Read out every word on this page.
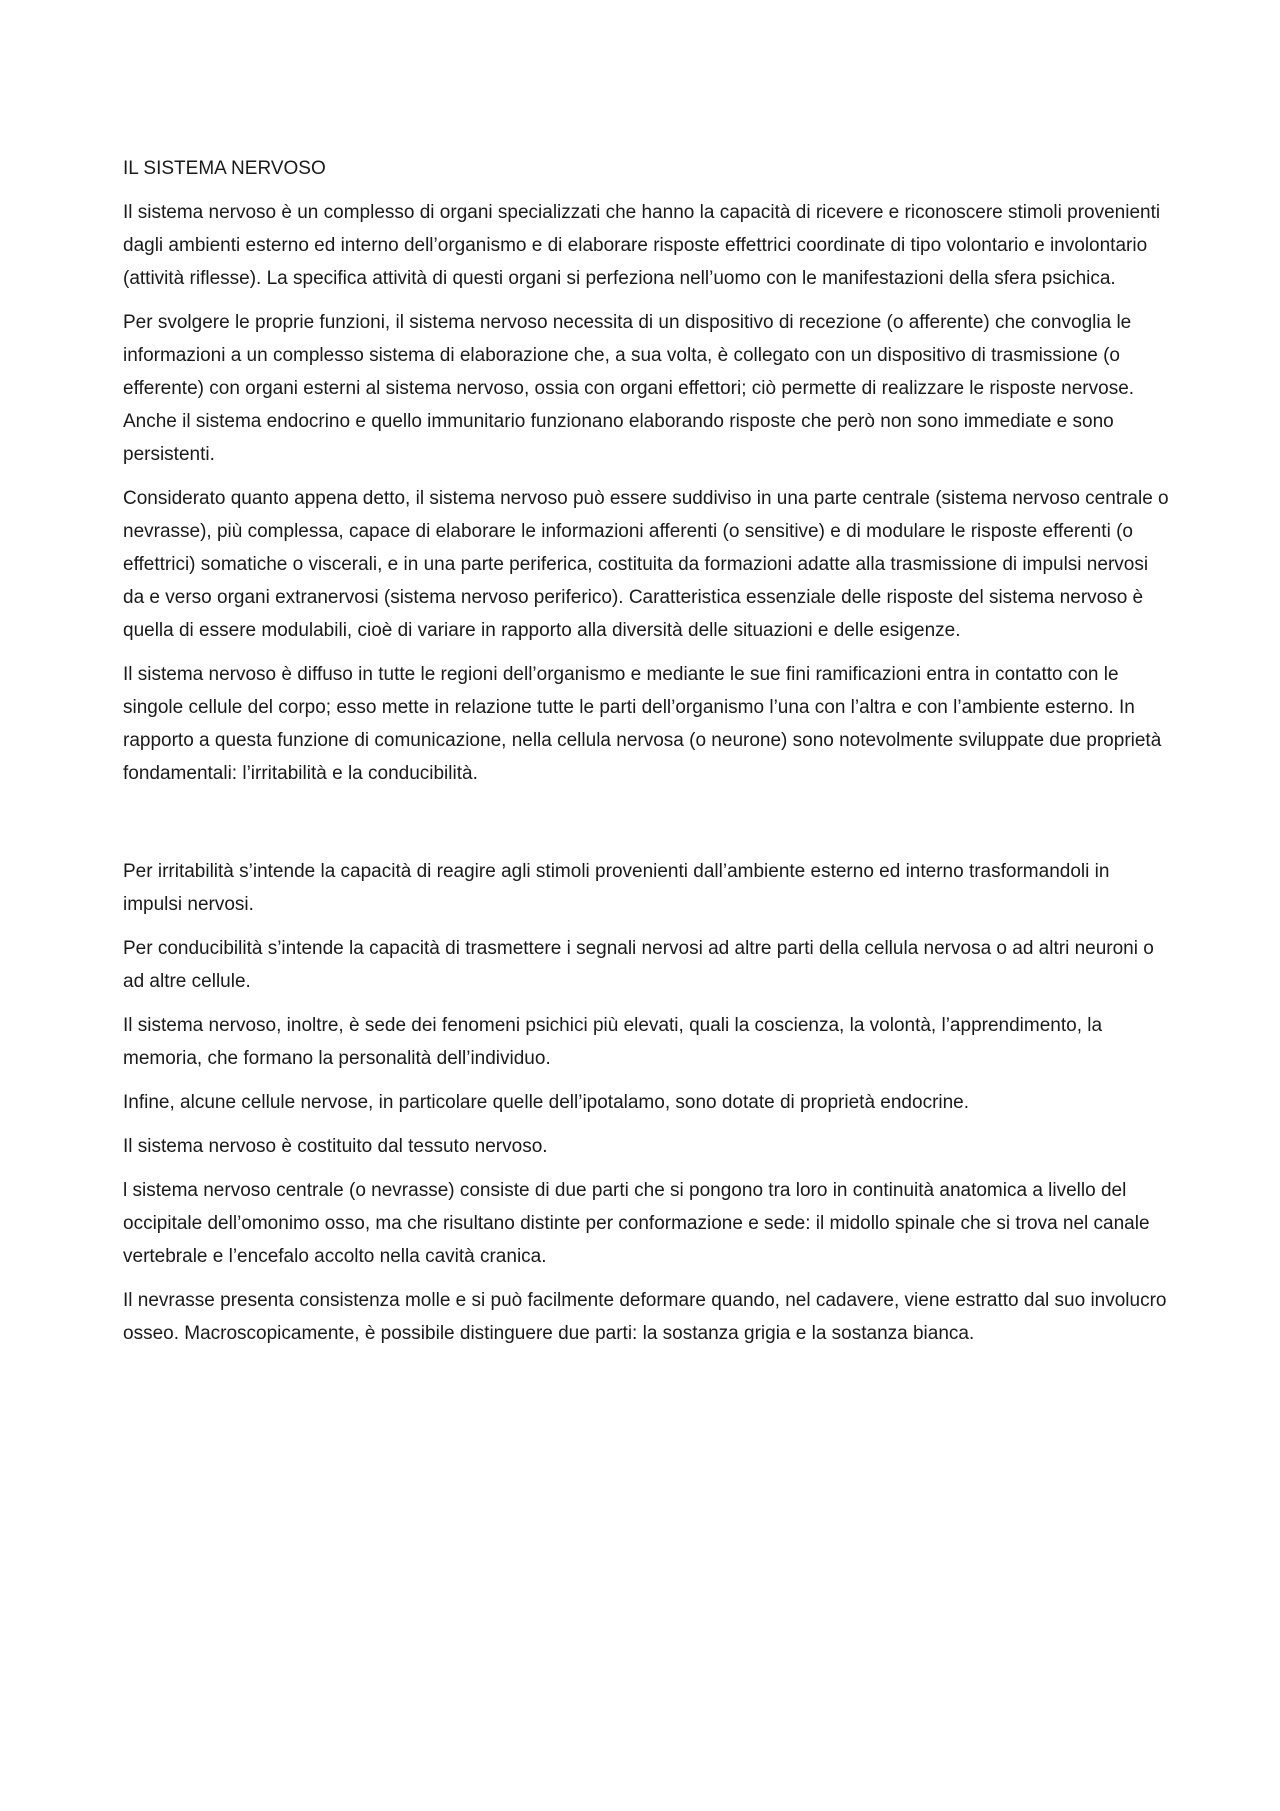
IL SISTEMA NERVOSO

Il sistema nervoso è un complesso di organi specializzati che hanno la capacità di ricevere e riconoscere stimoli provenienti dagli ambienti esterno ed interno dell’organismo e di elaborare risposte effettrici coordinate di tipo volontario e involontario (attività riflesse). La specifica attività di questi organi si perfeziona nell’uomo con le manifestazioni della sfera psichica.

Per svolgere le proprie funzioni, il sistema nervoso necessita di un dispositivo di recezione (o afferente) che convoglia le informazioni a un complesso sistema di elaborazione che, a sua volta, è collegato con un dispositivo di trasmissione (o efferente) con organi esterni al sistema nervoso, ossia con organi effettori; ciò permette di realizzare le risposte nervose. Anche il sistema endocrino e quello immunitario funzionano elaborando risposte che però non sono immediate e sono persistenti.

Considerato quanto appena detto, il sistema nervoso può essere suddiviso in una parte centrale (sistema nervoso centrale o nevrasse), più complessa, capace di elaborare le informazioni afferenti (o sensitive) e di modulare le risposte efferenti (o effettrici) somatiche o viscerali, e in una parte periferica, costituita da formazioni adatte alla trasmissione di impulsi nervosi da e verso organi extranervosi (sistema nervoso periferico). Caratteristica essenziale delle risposte del sistema nervoso è quella di essere modulabili, cioè di variare in rapporto alla diversità delle situazioni e delle esigenze.

Il sistema nervoso è diffuso in tutte le regioni dell’organismo e mediante le sue fini ramificazioni entra in contatto con le singole cellule del corpo; esso mette in relazione tutte le parti dell’organismo l’una con l’altra e con l’ambiente esterno. In rapporto a questa funzione di comunicazione, nella cellula nervosa (o neurone) sono notevolmente sviluppate due proprietà fondamentali: l’irritabilità e la conducibilità.

Per irritabilità s’intende la capacità di reagire agli stimoli provenienti dall’ambiente esterno ed interno trasformandoli in impulsi nervosi.

Per conducibilità s’intende la capacità di trasmettere i segnali nervosi ad altre parti della cellula nervosa o ad altri neuroni o ad altre cellule.

Il sistema nervoso, inoltre, è sede dei fenomeni psichici più elevati, quali la coscienza, la volontà, l’apprendimento, la memoria, che formano la personalità dell’individuo.

Infine, alcune cellule nervose, in particolare quelle dell’ipotalamo, sono dotate di proprietà endocrine.

Il sistema nervoso è costituito dal tessuto nervoso.

l sistema nervoso centrale (o nevrasse) consiste di due parti che si pongono tra loro in continuità anatomica a livello del occipitale dell’omonimo osso, ma che risultano distinte per conformazione e sede: il midollo spinale che si trova nel canale vertebrale e l’encefalo accolto nella cavità cranica.

Il nevrasse presenta consistenza molle e si può facilmente deformare quando, nel cadavere, viene estratto dal suo involucro osseo. Macroscopicamente, è possibile distinguere due parti: la sostanza grigia e la sostanza bianca.
